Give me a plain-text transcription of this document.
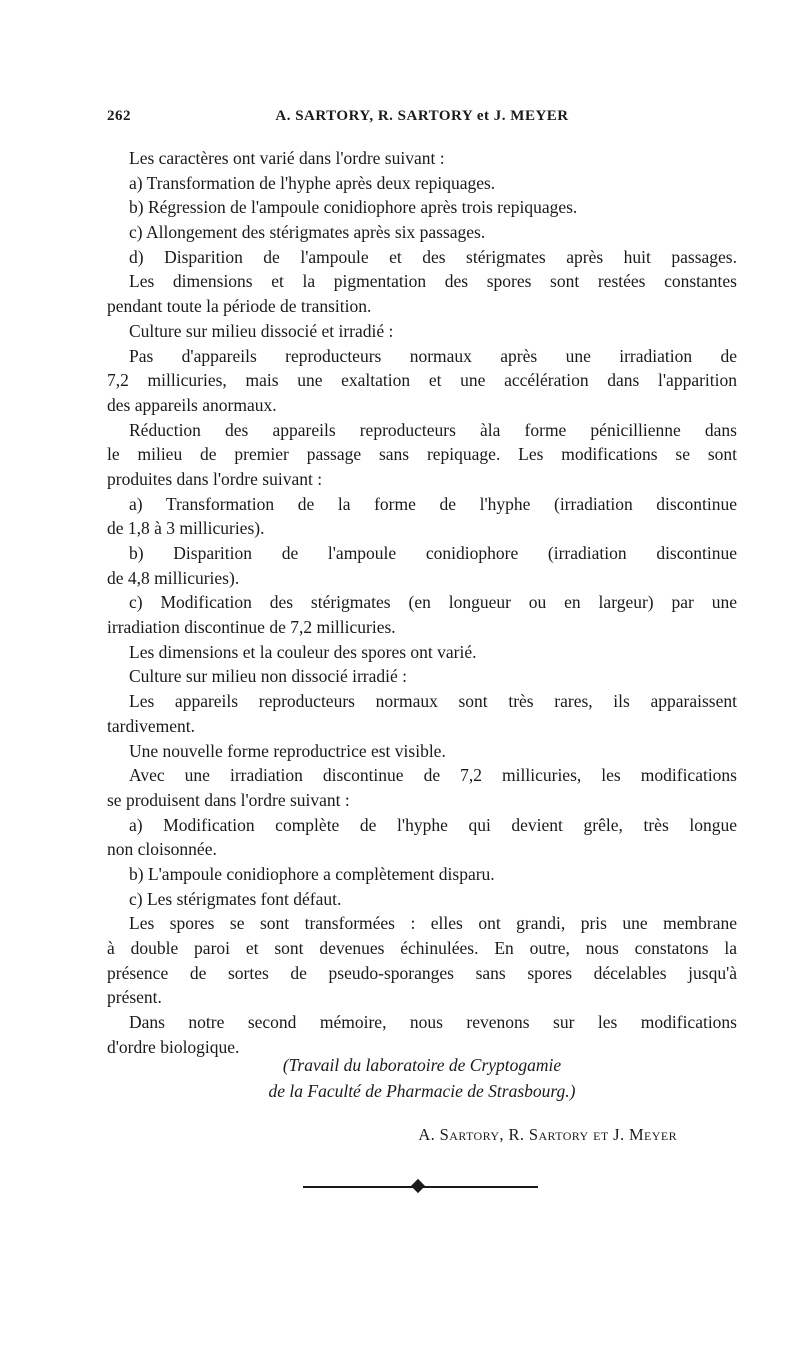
262	A. SARTORY, R. SARTORY et J. MEYER
Les caractères ont varié dans l'ordre suivant :
a) Transformation de l'hyphe après deux repiquages.
b) Régression de l'ampoule conidiophore après trois repiquages.
c) Allongement des stérigmates après six passages.
d) Disparition de l'ampoule et des stérigmates après huit passages.
Les dimensions et la pigmentation des spores sont restées constantes
pendant toute la période de transition.
Culture sur milieu dissocié et irradié :
Pas d'appareils reproducteurs normaux après une irradiation de
7,2 millicuries, mais une exaltation et une accélération dans l'apparition
des appareils anormaux.
Réduction des appareils reproducteurs àla forme pénicillienne dans
le milieu de premier passage sans repiquage. Les modifications se sont
produites dans l'ordre suivant :
a) Transformation de la forme de l'hyphe (irradiation discontinue
de 1,8 à 3 millicuries).
b) Disparition de l'ampoule conidiophore (irradiation discontinue
de 4,8 millicuries).
c) Modification des stérigmates (en longueur ou en largeur) par une
irradiation discontinue de 7,2 millicuries.
Les dimensions et la couleur des spores ont varié.
Culture sur milieu non dissocié irradié :
Les appareils reproducteurs normaux sont très rares, ils apparaissent
tardivement.
Une nouvelle forme reproductrice est visible.
Avec une irradiation discontinue de 7,2 millicuries, les modifications
se produisent dans l'ordre suivant :
a) Modification complète de l'hyphe qui devient grêle, très longue
non cloisonnée.
b) L'ampoule conidiophore a complètement disparu.
c) Les stérigmates font défaut.
Les spores se sont transformées : elles ont grandi, pris une membrane
à double paroi et sont devenues échinulées. En outre, nous constatons la
présence de sortes de pseudo-sporanges sans spores décelables jusqu'à
présent.
Dans notre second mémoire, nous revenons sur les modifications
d'ordre biologique.
(Travail du laboratoire de Cryptogamie
de la Faculté de Pharmacie de Strasbourg.)
A. Sartory, R. Sartory et J. Meyer
